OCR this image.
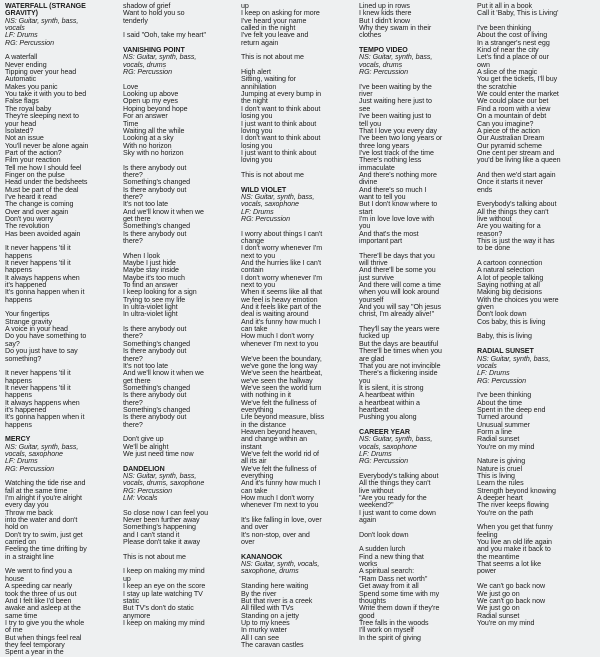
WATERFALL (STRANGE
GRAVITY)
NS: Guitar, synth, bass,
vocals
LF: Drums
RG: Percussion
A waterfall
Never ending
Tipping over your head
Automatic
Makes you panic
You take it with you to bed
False flags
The royal baby
They're sleeping next to
your head
Isolated?
Not an issue
You'll never be alone again
Part of the action?
Film your reaction
Tell me how I should feel
Finger on the pulse
Head under the bedsheets
Must be part of the deal
I've heard it read
The change is coming
Over and over again
Don't you worry
The revolution
Has been avoided again
It never happens 'til it
happens
It never happens 'til it
happens
It always happens when
it's happened
It's gonna happen when it
happens
Your fingertips
Strange gravity
A voice in your head
Do you have something to
say?
Do you just have to say
something?
It never happens 'til it
happens
It never happens 'til it
happens
It always happens when
it's happened
It's gonna happen when it
happens
MERCY
NS: Guitar, synth, bass,
vocals, saxophone
LF: Drums
RG: Percussion
Watching the tide rise and
fall at the same time
I'm alright if you're alright
every day you
Throw me back
into the water and don't
hold on
Don't try to swim, just get
carried on
Feeling the time drifting by
in a straight line
We went to find you a
house
A speeding car nearly
took the three of us out
And I felt like I'd been
awake and asleep at the
same time
I try to give you the whole
of me
But when things feel real
they feel temporary
Spent a year in the
shadow of grief
Want to hold you so
tenderly
I said "Ooh, take my heart"
VANISHING POINT
NS: Guitar, synth, bass,
vocals, drums
RG: Percussion
Love
Looking up above
Open up my eyes
Hoping beyond hope
For an answer
Time
Waiting all the while
Looking at a sky
With no horizon
Sky with no horizon
Is there anybody out
there?
Something's changed
Is there anybody out
there?
It's not too late
And we'll know it when we
get there
Something's changed
Is there anybody out
there?
When I look
Maybe I just hide
Maybe stay inside
Maybe it's too much
To find an answer
I keep looking for a sign
Trying to see my life
In ultra-violet light
In ultra-violet light
Is there anybody out
there?
Something's changed
Is there anybody out
there?
It's not too late
And we'll know it when we
get there
Something's changed
Is there anybody out
there?
Something's changed
Is there anybody out
there?
Don't give up
We'll be alright
We just need time now
DANDELION
NS: Guitar, synth, bass,
vocals, drums, saxophone
RG: Percussion
LM: Vocals
So close now I can feel you
Never been further away
Something's happening
and I can't stand it
Please don't take it away
This is not about me
I keep on making my mind
up
I keep an eye on the score
I stay up late watching TV
static
But TV's don't do static
anymore
I keep on making my mind
up
I keep on asking for more
I've heard your name
called in the night
I've felt you leave and
return again
This is not about me
High alert
Sitting, waiting for
annihilation
Jumping at every bump in
the night
I don't want to think about
losing you
I just want to think about
loving you
I don't want to think about
losing you
I just want to think about
loving you
This is not about me
WILD VIOLET
NS: Guitar, synth, bass,
vocals, saxophone
LF: Drums
RG: Percussion
I worry about things I can't
change
I don't worry whenever I'm
next to you
And the hurries like I can't
contain
I don't worry whenever I'm
next to you
When it seems like all that
we feel is heavy emotion
And it feels like part of the
deal is waiting around
And it's funny how much I
can take
How much I don't worry
whenever I'm next to you
We've been the boundary,
we've gone the long way
We've seen the heartbeat,
we've seen the hallway
We've seen the world turn
with nothing in it
We've felt the fullness of
everything
Life beyond measure, bliss
in the distance
Heaven beyond heaven,
and change within an
instant
We've felt the world rid of
all its air
We've felt the fullness of
everything
And it's funny how much I
can take
How much I don't worry
whenever I'm next to you
It's like falling in love, over
and over
It's non-stop, over and
over
KANANOOK
NS: Guitar, synth, vocals,
saxophone, drums
Standing here waiting
By the river
But that river is a creek
All filled with TVs
Standing on a jetty
Up to my knees
In murky water
All I can see
The caravan castles
Lined up in rows
I knew kids there
But I didn't know
Why they swam in their
clothes
TEMPO VIDEO
NS: Guitar, synth, bass,
vocals, drums
RG: Percussion
I've been waiting by the
river
Just waiting here just to
see
I've been waiting just to
tell you
That I love you every day
I've been two long years or
three long years
I've lost track of the time
There's nothing less
immaculate
And there's nothing more
divine
And there's so much I
want to tell you
But I don't know where to
start
I'm in love love love with
you
And that's the most
important part
There'll be days that you
will thrive
And there'll be some you
just survive
And there will come a time
when you will look around
yourself
And you will say "Oh jesus
christ, I'm already alive!"
They'll say the years were
fucked up
But the days are beautiful
There'll be times when you
are glad
That you are not invincible
There's a flickering inside
you
It is silent, it is strong
A heartbeat within
a heartbeat within a
heartbeat
Pushing you along
CAREER YEAR
NS: Guitar, synth, bass,
vocals, saxophone
LF: Drums
RG: Percussion
Everybody's talking about
All the things they can't
live without
"Are you ready for the
weekend?"
I just want to come down
again
Don't look down
A sudden lurch
Find a new thing that
works
A spiritual search:
"Ram Dass net worth"
Get away from it all
Spend some time with my
thoughts
Write them down if they're
good
Tree falls in the woods
I'll work on myself
In the spirit of giving
Put it all in a book
Call it 'Baby, This is Living'
I've been thinking
About the cost of living
In a stranger's nest egg
Kind of near the city
Let's find a place of our
own
A slice of the magic
You get the tickets, I'll buy
the scratchie
We could enter the market
We could place our bet
Find a room with a view
On a mountain of debt
Can you imagine?
A piece of the action
Our Australian Dream
Our pyramid scheme
One cent per stream and
you'd be living like a queen
And then we'd start again
Once it starts it never
ends
Everybody's talking about
All the things they can't
live without
Are you waiting for a
reason?
This is just the way it has
to be done
A cartoon connection
A natural selection
A lot of people talking
Saying nothing at all
Making big decisions
With the choices you were
given
Don't look down
Cos baby, this is living
Baby, this is living
RADIAL SUNSET
NS: Guitar, synth, bass,
vocals
LF: Drums
RG: Percussion
I've been thinking
About the time
Spent in the deep end
Turned around
Unusual summer
Form a line
Radial sunset
You're on my mind
Nature is giving
Nature is cruel
This is living
Learn the rules
Strength beyond knowing
A deeper heart
The river keeps flowing
You're on the path
When you get that funny
feeling
You live an old life again
and you make it back to
the meantime
That seems a lot like
power
We can't go back now
We just go on
We can't go back now
We just go on
Radial sunset
You're on my mind
